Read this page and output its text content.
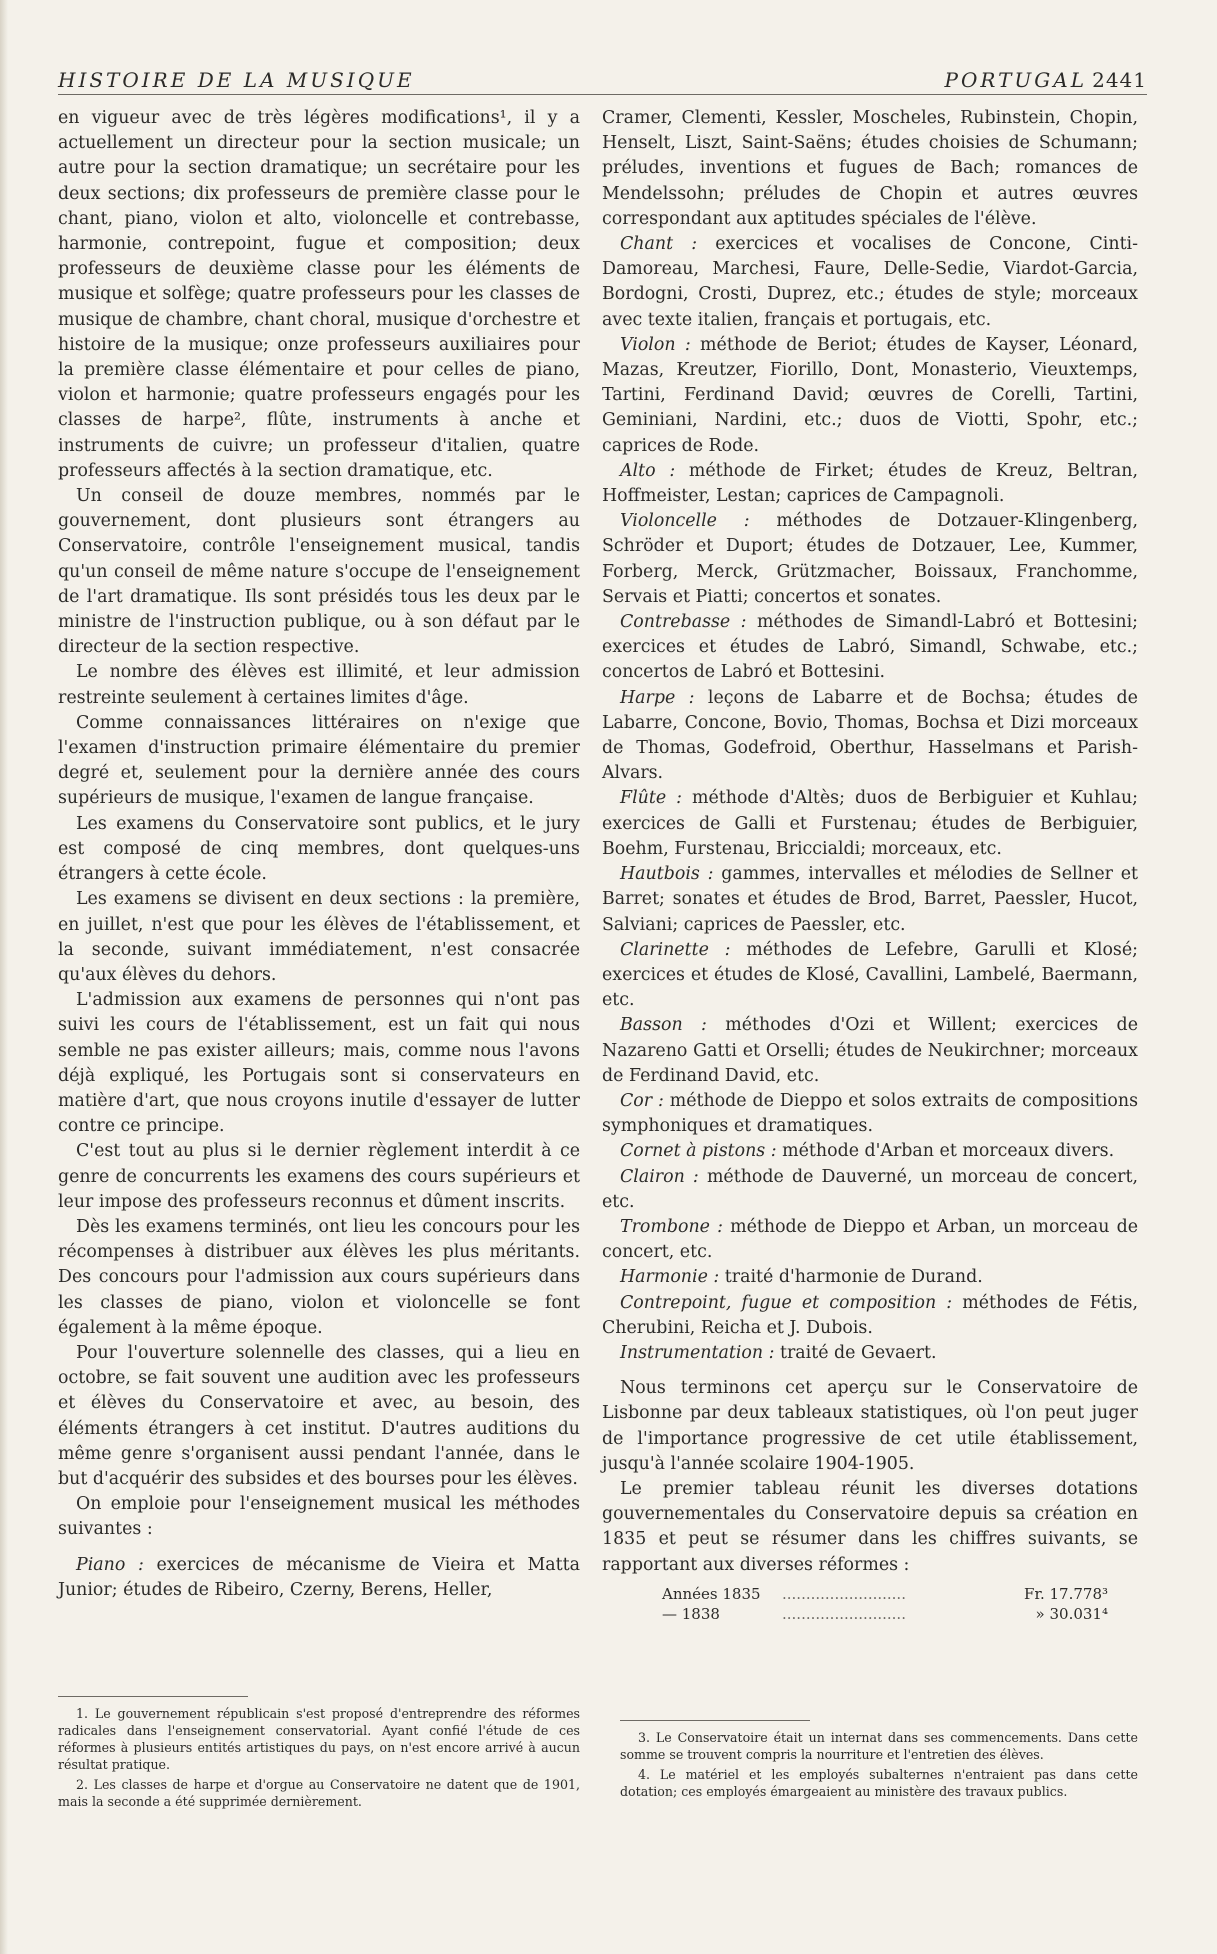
HISTOIRE DE LA MUSIQUE	PORTUGAL 2441

en vigueur avec de très légères modifications¹, il y a actuellement un directeur pour la section musicale; un autre pour la section dramatique; un secrétaire pour les deux sections; dix professeurs de première classe pour le chant, piano, violon et alto, violoncelle et contrebasse, harmonie, contrepoint, fugue et composition; deux professeurs de deuxième classe pour les éléments de musique et solfège; quatre professeurs pour les classes de musique de chambre, chant choral, musique d'orchestre et histoire de la musique; onze professeurs auxiliaires pour la première classe élémentaire et pour celles de piano, violon et harmonie; quatre professeurs engagés pour les classes de harpe², flûte, instruments à anche et instruments de cuivre; un professeur d'italien, quatre professeurs affectés à la section dramatique, etc.

Un conseil de douze membres, nommés par le gouvernement, dont plusieurs sont étrangers au Conservatoire, contrôle l'enseignement musical, tandis qu'un conseil de même nature s'occupe de l'enseignement de l'art dramatique. Ils sont présidés tous les deux par le ministre de l'instruction publique, ou à son défaut par le directeur de la section respective.

Le nombre des élèves est illimité, et leur admission restreinte seulement à certaines limites d'âge.

Comme connaissances littéraires on n'exige que l'examen d'instruction primaire élémentaire du premier degré et, seulement pour la dernière année des cours supérieurs de musique, l'examen de langue française.

Les examens du Conservatoire sont publics, et le jury est composé de cinq membres, dont quelques-uns étrangers à cette école.

Les examens se divisent en deux sections : la première, en juillet, n'est que pour les élèves de l'établissement, et la seconde, suivant immédiatement, n'est consacrée qu'aux élèves du dehors.

L'admission aux examens de personnes qui n'ont pas suivi les cours de l'établissement, est un fait qui nous semble ne pas exister ailleurs; mais, comme nous l'avons déjà expliqué, les Portugais sont si conservateurs en matière d'art, que nous croyons inutile d'essayer de lutter contre ce principe.

C'est tout au plus si le dernier règlement interdit à ce genre de concurrents les examens des cours supérieurs et leur impose des professeurs reconnus et dûment inscrits.

Dès les examens terminés, ont lieu les concours pour les récompenses à distribuer aux élèves les plus méritants. Des concours pour l'admission aux cours supérieurs dans les classes de piano, violon et violoncelle se font également à la même époque.

Pour l'ouverture solennelle des classes, qui a lieu en octobre, se fait souvent une audition avec les professeurs et élèves du Conservatoire et avec, au besoin, des éléments étrangers à cet institut. D'autres auditions du même genre s'organisent aussi pendant l'année, dans le but d'acquérir des subsides et des bourses pour les élèves.

On emploie pour l'enseignement musical les méthodes suivantes :

Piano : exercices de mécanisme de Vieira et Matta Junior; études de Ribeiro, Czerny, Berens, Heller,

Cramer, Clementi, Kessler, Moscheles, Rubinstein, Chopin, Henselt, Liszt, Saint-Saëns; études choisies de Schumann; préludes, inventions et fugues de Bach; romances de Mendelssohn; préludes de Chopin et autres œuvres correspondant aux aptitudes spéciales de l'élève.

Chant : exercices et vocalises de Concone, Cinti-Damoreau, Marchesi, Faure, Delle-Sedie, Viardot-Garcia, Bordogni, Crosti, Duprez, etc.; études de style; morceaux avec texte italien, français et portugais, etc.

Violon : méthode de Beriot; études de Kayser, Léonard, Mazas, Kreutzer, Fiorillo, Dont, Monasterio, Vieuxtemps, Tartini, Ferdinand David; œuvres de Corelli, Tartini, Geminiani, Nardini, etc.; duos de Viotti, Spohr, etc.; caprices de Rode.

Alto : méthode de Firket; études de Kreuz, Beltran, Hoffmeister, Lestan; caprices de Campagnoli.

Violoncelle : méthodes de Dotzauer-Klingenberg, Schröder et Duport; études de Dotzauer, Lee, Kummer, Forberg, Merck, Grützmacher, Boissaux, Franchomme, Servais et Piatti; concertos et sonates.

Contrebasse : méthodes de Simandl-Labró et Bottesini; exercices et études de Labró, Simandl, Schwabe, etc.; concertos de Labró et Bottesini.

Harpe : leçons de Labarre et de Bochsa; études de Labarre, Concone, Bovio, Thomas, Bochsa et Dizi morceaux de Thomas, Godefroid, Oberthur, Hasselmans et Parish-Alvars.

Flûte : méthode d'Altès; duos de Berbiguier et Kuhlau; exercices de Galli et Furstenau; études de Berbiguier, Boehm, Furstenau, Briccialdi; morceaux, etc.

Hautbois : gammes, intervalles et mélodies de Sellner et Barret; sonates et études de Brod, Barret, Paessler, Hucot, Salviani; caprices de Paessler, etc.

Clarinette : méthodes de Lefebre, Garulli et Klosé; exercices et études de Klosé, Cavallini, Lambelé, Baermann, etc.

Basson : méthodes d'Ozi et Willent; exercices de Nazareno Gatti et Orselli; études de Neukirchner; morceaux de Ferdinand David, etc.

Cor : méthode de Dieppo et solos extraits de compositions symphoniques et dramatiques.

Cornet à pistons : méthode d'Arban et morceaux divers.

Clairon : méthode de Dauverné, un morceau de concert, etc.

Trombone : méthode de Dieppo et Arban, un morceau de concert, etc.

Harmonie : traité d'harmonie de Durand.

Contrepoint, fugue et composition : méthodes de Fétis, Cherubini, Reicha et J. Dubois.

Instrumentation : traité de Gevaert.

Nous terminons cet aperçu sur le Conservatoire de Lisbonne par deux tableaux statistiques, où l'on peut juger de l'importance progressive de cet utile établissement, jusqu'à l'année scolaire 1904-1905.

Le premier tableau réunit les diverses dotations gouvernementales du Conservatoire depuis sa création en 1835 et peut se résumer dans les chiffres suivants, se rapportant aux diverses réformes :

Années 1835	..........................	Fr. 17.778³
— 1838	..........................	» 30.031⁴

1. Le gouvernement républicain s'est proposé d'entreprendre des réformes radicales dans l'enseignement conservatorial. Ayant confié l'étude de ces réformes à plusieurs entités artistiques du pays, on n'est encore arrivé à aucun résultat pratique.

2. Les classes de harpe et d'orgue au Conservatoire ne datent que de 1901, mais la seconde a été supprimée dernièrement.

3. Le Conservatoire était un internat dans ses commencements. Dans cette somme se trouvent compris la nourriture et l'entretien des élèves.

4. Le matériel et les employés subalternes n'entraient pas dans cette dotation; ces employés émargeaient au ministère des travaux publics.
